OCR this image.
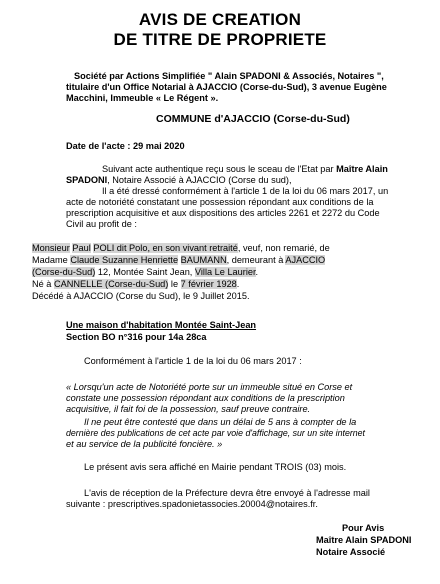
AVIS DE CREATION
DE TITRE DE PROPRIETE
Société par Actions Simplifiée " Alain SPADONI & Associés, Notaires ",
titulaire d'un Office Notarial à AJACCIO (Corse-du-Sud), 3 avenue Eugène
Macchini, Immeuble « Le Régent ».
COMMUNE d'AJACCIO (Corse-du-Sud)
Date de l'acte : 29 mai 2020
Suivant acte authentique reçu sous le sceau de l'Etat par Maître Alain
SPADONI, Notaire Associé à AJACCIO (Corse du sud),
Il a été dressé conformément à l'article 1 de la loi du 06 mars 2017, un
acte de notoriété constatant une possession répondant aux conditions de la
prescription acquisitive et aux dispositions des articles 2261 et 2272 du Code
Civil au profit de :
Monsieur Paul POLI dit Polo, en son vivant retraité, veuf, non remarié, de
Madame Claude Suzanne Henriette BAUMANN, demeurant à AJACCIO
(Corse-du-Sud) 12, Montée Saint Jean, Villa Le Laurier.
Né à CANNELLE (Corse-du-Sud) le 7 février 1928.
Décédé à AJACCIO (Corse du Sud), le 9 Juillet 2015.
Une maison d'habitation Montée Saint-Jean
Section BO n°316 pour 14a 28ca
Conformément à l'article 1 de la loi du 06 mars 2017 :
« Lorsqu'un acte de Notoriété porte sur un immeuble situé en Corse et
constate une possession répondant aux conditions de la prescription
acquisitive, il fait foi de la possession, sauf preuve contraire.
Il ne peut être contesté que dans un délai de 5 ans à compter de la
dernière des publications de cet acte par voie d'affichage, sur un site internet
et au service de la publicité foncière. »
Le présent avis sera affiché en Mairie pendant TROIS (03) mois.
L'avis de réception de la Préfecture devra être envoyé à l'adresse mail
suivante : prescriptives.spadonietassocies.20004@notaires.fr.
Pour Avis
Maître Alain SPADONI
Notaire Associé
